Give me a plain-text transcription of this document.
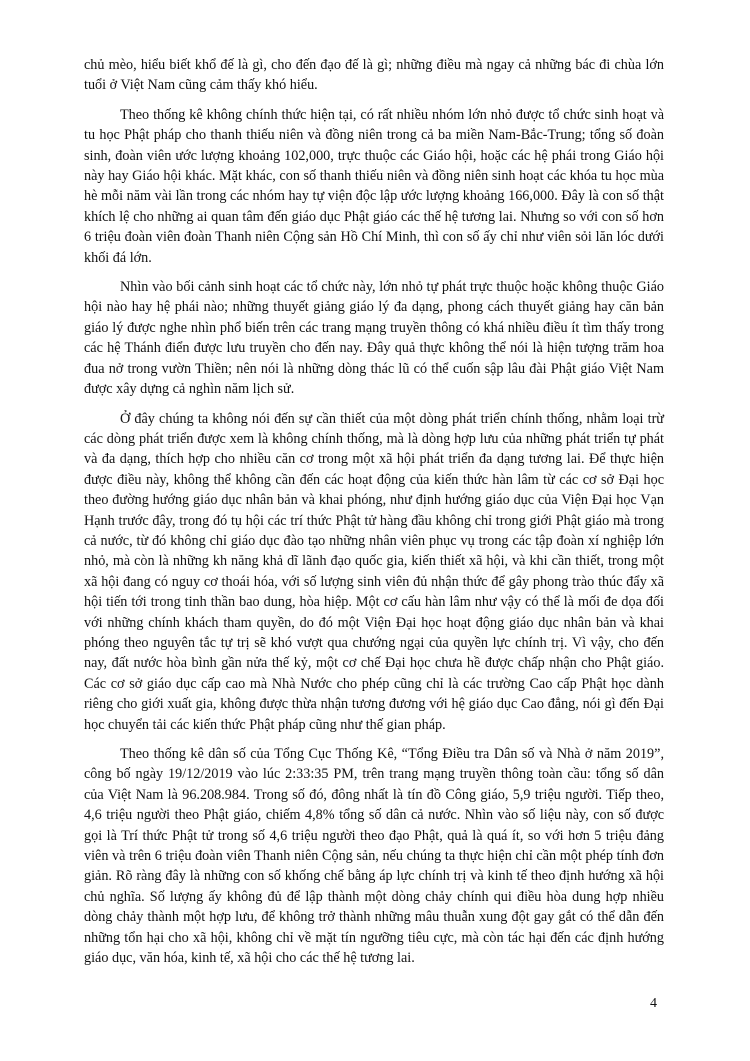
chủ mèo, hiểu biết khổ đế là gì, cho đến đạo đế là gì; những điều mà ngay cả những bác đi chùa lớn tuổi ở Việt Nam cũng cảm thấy khó hiểu.

Theo thống kê không chính thức hiện tại, có rất nhiều nhóm lớn nhỏ được tổ chức sinh hoạt và tu học Phật pháp cho thanh thiếu niên và đồng niên trong cả ba miền Nam-Bắc-Trung; tổng số đoàn sinh, đoàn viên ước lượng khoảng 102,000, trực thuộc các Giáo hội, hoặc các hệ phái trong Giáo hội này hay Giáo hội khác. Mặt khác, con số thanh thiếu niên và đồng niên sinh hoạt các khóa tu học mùa hè mỗi năm vài lần trong các nhóm hay tự viện độc lập ước lượng khoảng 166,000. Đây là con số thật khích lệ cho những ai quan tâm đến giáo dục Phật giáo các thế hệ tương lai. Nhưng so với con số hơn 6 triệu đoàn viên đoàn Thanh niên Cộng sản Hồ Chí Minh, thì con số ấy chỉ như viên sỏi lăn lóc dưới khối đá lớn.

Nhìn vào bối cảnh sinh hoạt các tổ chức này, lớn nhỏ tự phát trực thuộc hoặc không thuộc Giáo hội nào hay hệ phái nào; những thuyết giảng giáo lý đa dạng, phong cách thuyết giảng hay căn bản giáo lý được nghe nhìn phổ biến trên các trang mạng truyền thông có khá nhiều điều ít tìm thấy trong các hệ Thánh điển được lưu truyền cho đến nay. Đây quả thực không thể nói là hiện tượng trăm hoa đua nở trong vườn Thiền; nên nói là những dòng thác lũ có thể cuốn sập lâu đài Phật giáo Việt Nam được xây dựng cả nghìn năm lịch sử.

Ở đây chúng ta không nói đến sự cần thiết của một dòng phát triển chính thống, nhằm loại trừ các dòng phát triển được xem là không chính thống, mà là dòng hợp lưu của những phát triển tự phát và đa dạng, thích hợp cho nhiều căn cơ trong một xã hội phát triển đa dạng tương lai. Để thực hiện được điều này, không thể không cần đến các hoạt động của kiến thức hàn lâm từ các cơ sở Đại học theo đường hướng giáo dục nhân bản và khai phóng, như định hướng giáo dục của Viện Đại học Vạn Hạnh trước đây, trong đó tụ hội các trí thức Phật tử hàng đầu không chỉ trong giới Phật giáo mà trong cả nước, từ đó không chỉ giáo dục đào tạo những nhân viên phục vụ trong các tập đoàn xí nghiệp lớn nhỏ, mà còn là những kh năng khả dĩ lãnh đạo quốc gia, kiến thiết xã hội, và khi cần thiết, trong một xã hội đang có nguy cơ thoái hóa, với số lượng sinh viên đủ nhận thức để gây phong trào thúc đẩy xã hội tiến tới trong tinh thần bao dung, hòa hiệp. Một cơ cấu hàn lâm như vậy có thể là mối đe dọa đối với những chính khách tham quyền, do đó một Viện Đại học hoạt động giáo dục nhân bản và khai phóng theo nguyên tắc tự trị sẽ khó vượt qua chướng ngại của quyền lực chính trị. Vì vậy, cho đến nay, đất nước hòa bình gần nửa thế kỷ, một cơ chế Đại học chưa hề được chấp nhận cho Phật giáo. Các cơ sở giáo dục cấp cao mà Nhà Nước cho phép cũng chỉ là các trường Cao cấp Phật học dành riêng cho giới xuất gia, không được thừa nhận tương đương với hệ giáo dục Cao đẳng, nói gì đến Đại học chuyển tải các kiến thức Phật pháp cũng như thế gian pháp.

Theo thống kê dân số của Tổng Cục Thống Kê, “Tổng Điều tra Dân số và Nhà ở năm 2019”, công bố ngày 19/12/2019 vào lúc 2:33:35 PM, trên trang mạng truyền thông toàn cầu: tổng số dân của Việt Nam là 96.208.984. Trong số đó, đông nhất là tín đồ Công giáo, 5,9 triệu người. Tiếp theo, 4,6 triệu người theo Phật giáo, chiếm 4,8% tổng số dân cả nước. Nhìn vào số liệu này, con số được gọi là Trí thức Phật tử trong số 4,6 triệu người theo đạo Phật, quả là quá ít, so với hơn 5 triệu đảng viên và trên 6 triệu đoàn viên Thanh niên Cộng sản, nếu chúng ta thực hiện chỉ cần một phép tính đơn giản. Rõ ràng đây là những con số khống chế bằng áp lực chính trị và kinh tế theo định hướng xã hội chủ nghĩa. Số lượng ấy không đủ để lập thành một dòng chảy chính qui điều hòa dung hợp nhiều dòng chảy thành một hợp lưu, để không trở thành những mâu thuẫn xung đột gay gắt có thể dẫn đến những tổn hại cho xã hội, không chỉ về mặt tín ngưỡng tiêu cực, mà còn tác hại đến các định hướng giáo dục, văn hóa, kinh tế, xã hội cho các thế hệ tương lai.

4
